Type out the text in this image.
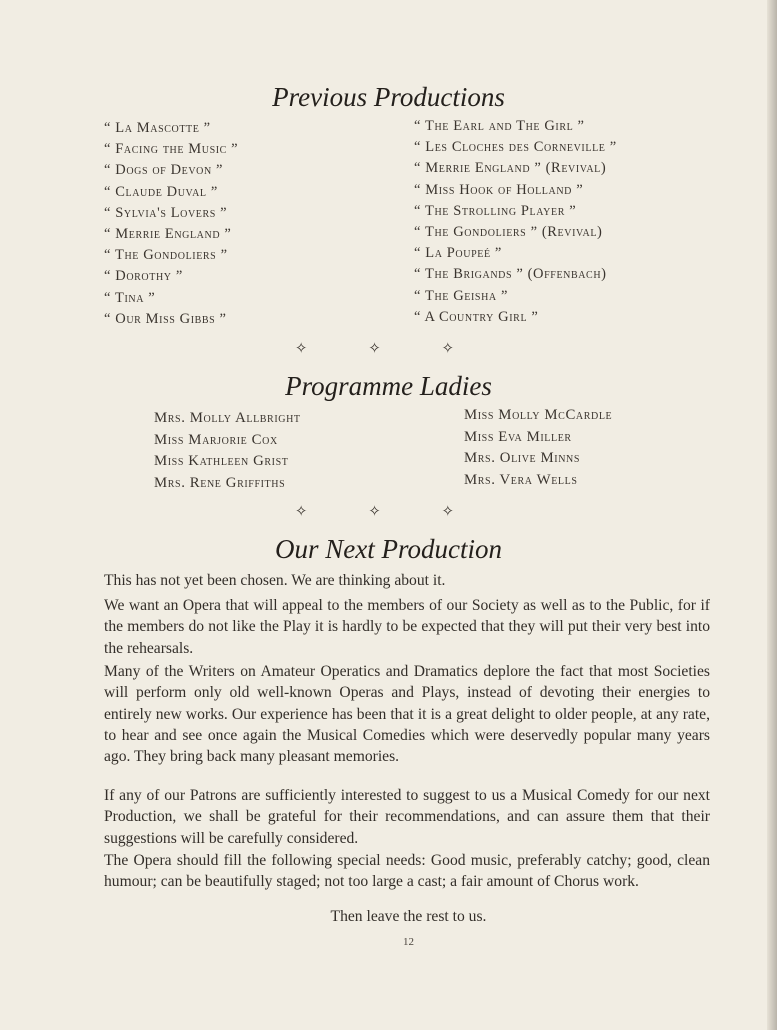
Previous Productions
“ La Mascotte ”
“ Facing the Music ”
“ Dogs of Devon ”
“ Claude Duval ”
“ Sylvia's Lovers ”
“ Merrie England ”
“ The Gondoliers ”
“ Dorothy ”
“ Tina ”
“ Our Miss Gibbs ”
“ The Earl and The Girl ”
“ Les Cloches des Corneville ”
“ Merrie England ” (Revival)
“ Miss Hook of Holland ”
“ The Strolling Player ”
“ The Gondoliers ” (Revival)
“ La Poupeé ”
“ The Brigands ” (Offenbach)
“ The Geisha ”
“ A Country Girl ”
✧ ✧ ✧
Programme Ladies
Mrs. Molly Allbright
Miss Marjorie Cox
Miss Kathleen Grist
Mrs. Rene Griffiths
Miss Molly McCardle
Miss Eva Miller
Mrs. Olive Minns
Mrs. Vera Wells
✧ ✧ ✧
Our Next Production

This has not yet been chosen. We are thinking about it.

We want an Opera that will appeal to the members of our Society as well as to the Public, for if the members do not like the Play it is hardly to be expected that they will put their very best into the rehearsals.

Many of the Writers on Amateur Operatics and Dramatics deplore the fact that most Societies will perform only old well-known Operas and Plays, instead of devoting their energies to entirely new works. Our experience has been that it is a great delight to older people, at any rate, to hear and see once again the Musical Comedies which were deservedly popular many years ago. They bring back many pleasant memories.

If any of our Patrons are sufficiently interested to suggest to us a Musical Comedy for our next Production, we shall be grateful for their recommendations, and can assure them that their suggestions will be carefully considered.

The Opera should fill the following special needs: Good music, preferably catchy; good, clean humour; can be beautifully staged; not too large a cast; a fair amount of Chorus work.

Then leave the rest to us.

12
